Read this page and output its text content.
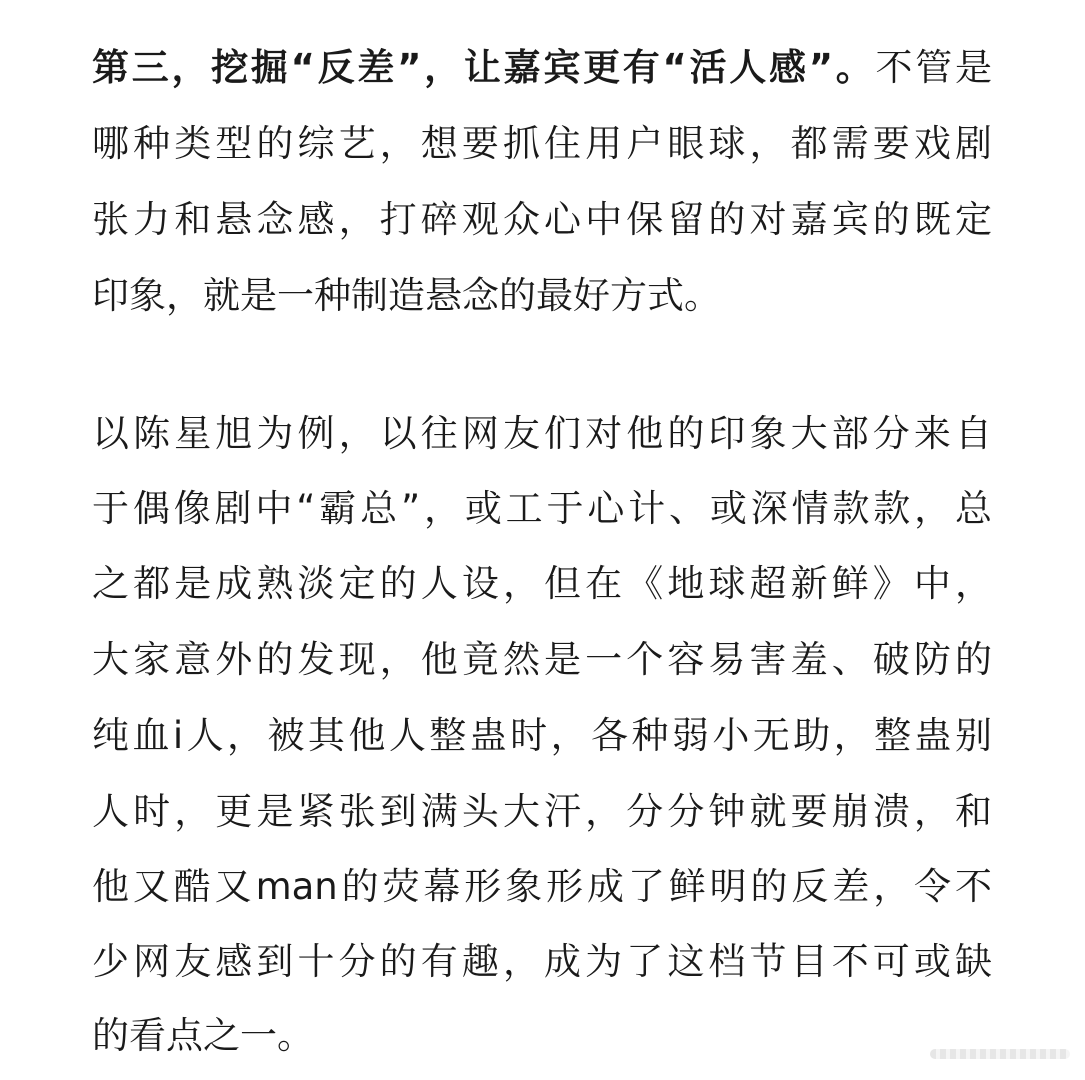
第三，挖掘“反差”，让嘉宾更有“活人感”。不管是
哪种类型的综艺，想要抓住用户眼球，都需要戏剧
张力和悬念感，打碎观众心中保留的对嘉宾的既定
印象，就是一种制造悬念的最好方式。
以陈星旭为例，以往网友们对他的印象大部分来自
于偶像剧中“霸总”，或工于心计、或深情款款，总
之都是成熟淡定的人设，但在《地球超新鲜》中，
大家意外的发现，他竟然是一个容易害羞、破防的
纯血i人，被其他人整蛊时，各种弱小无助，整蛊别
人时，更是紧张到满头大汗，分分钟就要崩溃，和
他又酷又man的荧幕形象形成了鲜明的反差，令不
少网友感到十分的有趣，成为了这档节目不可或缺
的看点之一。
